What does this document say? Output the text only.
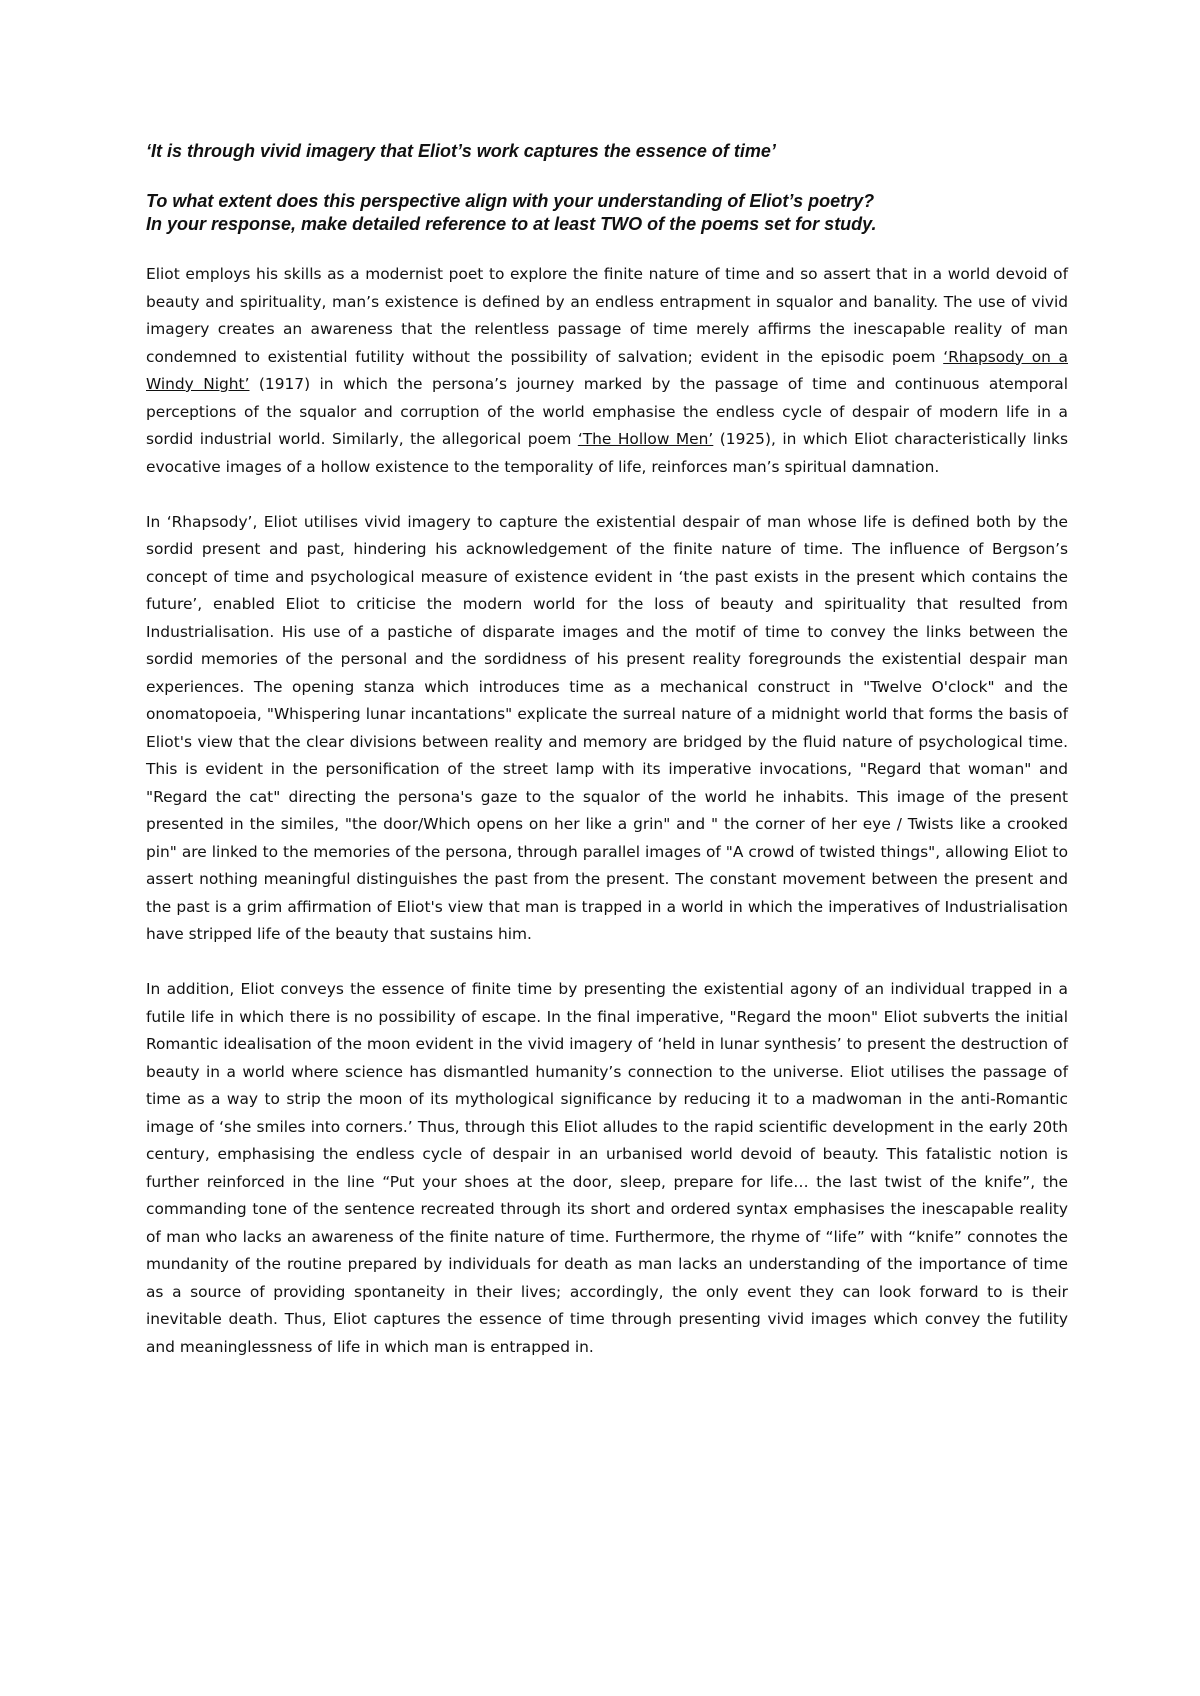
‘It is through vivid imagery that Eliot’s work captures the essence of time’

To what extent does this perspective align with your understanding of Eliot’s poetry?

In your response, make detailed reference to at least TWO of the poems set for study.

Eliot employs his skills as a modernist poet to explore the finite nature of time and so assert that in a world devoid of beauty and spirituality, man’s existence is defined by an endless entrapment in squalor and banality. The use of vivid imagery creates an awareness that the relentless passage of time merely affirms the inescapable reality of man condemned to existential futility without the possibility of salvation; evident in the episodic poem ‘Rhapsody on a Windy Night’ (1917) in which the persona’s journey marked by the passage of time and continuous atemporal perceptions of the squalor and corruption of the world emphasise the endless cycle of despair of modern life in a sordid industrial world. Similarly, the allegorical poem ‘The Hollow Men’ (1925), in which Eliot characteristically links evocative images of a hollow existence to the temporality of life, reinforces man’s spiritual damnation.

In ‘Rhapsody’, Eliot utilises vivid imagery to capture the existential despair of man whose life is defined both by the sordid present and past, hindering his acknowledgement of the finite nature of time. The influence of Bergson’s concept of time and psychological measure of existence evident in ‘the past exists in the present which contains the future’, enabled Eliot to criticise the modern world for the loss of beauty and spirituality that resulted from Industrialisation. His use of a pastiche of disparate images and the motif of time to convey the links between the sordid memories of the personal and the sordidness of his present reality foregrounds the existential despair man experiences. The opening stanza which introduces time as a mechanical construct in "Twelve O'clock" and the onomatopoeia, "Whispering lunar incantations" explicate the surreal nature of a midnight world that forms the basis of Eliot's view that the clear divisions between reality and memory are bridged by the fluid nature of psychological time. This is evident in the personification of the street lamp with its imperative invocations, "Regard that woman" and "Regard the cat" directing the persona's gaze to the squalor of the world he inhabits. This image of the present presented in the similes, "the door/Which opens on her like a grin" and " the corner of her eye / Twists like a crooked pin" are linked to the memories of the persona, through parallel images of "A crowd of twisted things", allowing Eliot to assert nothing meaningful distinguishes the past from the present. The constant movement between the present and the past is a grim affirmation of Eliot's view that man is trapped in a world in which the imperatives of Industrialisation have stripped life of the beauty that sustains him.

In addition, Eliot conveys the essence of finite time by presenting the existential agony of an individual trapped in a futile life in which there is no possibility of escape. In the final imperative, "Regard the moon" Eliot subverts the initial Romantic idealisation of the moon evident in the vivid imagery of ‘held in lunar synthesis’ to present the destruction of beauty in a world where science has dismantled humanity’s connection to the universe. Eliot utilises the passage of time as a way to strip the moon of its mythological significance by reducing it to a madwoman in the anti-Romantic image of ‘she smiles into corners.’ Thus, through this Eliot alludes to the rapid scientific development in the early 20th century, emphasising the endless cycle of despair in an urbanised world devoid of beauty. This fatalistic notion is further reinforced in the line “Put your shoes at the door, sleep, prepare for life… the last twist of the knife”, the commanding tone of the sentence recreated through its short and ordered syntax emphasises the inescapable reality of man who lacks an awareness of the finite nature of time. Furthermore, the rhyme of “life” with “knife” connotes the mundanity of the routine prepared by individuals for death as man lacks an understanding of the importance of time as a source of providing spontaneity in their lives; accordingly, the only event they can look forward to is their inevitable death. Thus, Eliot captures the essence of time through presenting vivid images which convey the futility and meaninglessness of life in which man is entrapped in.
